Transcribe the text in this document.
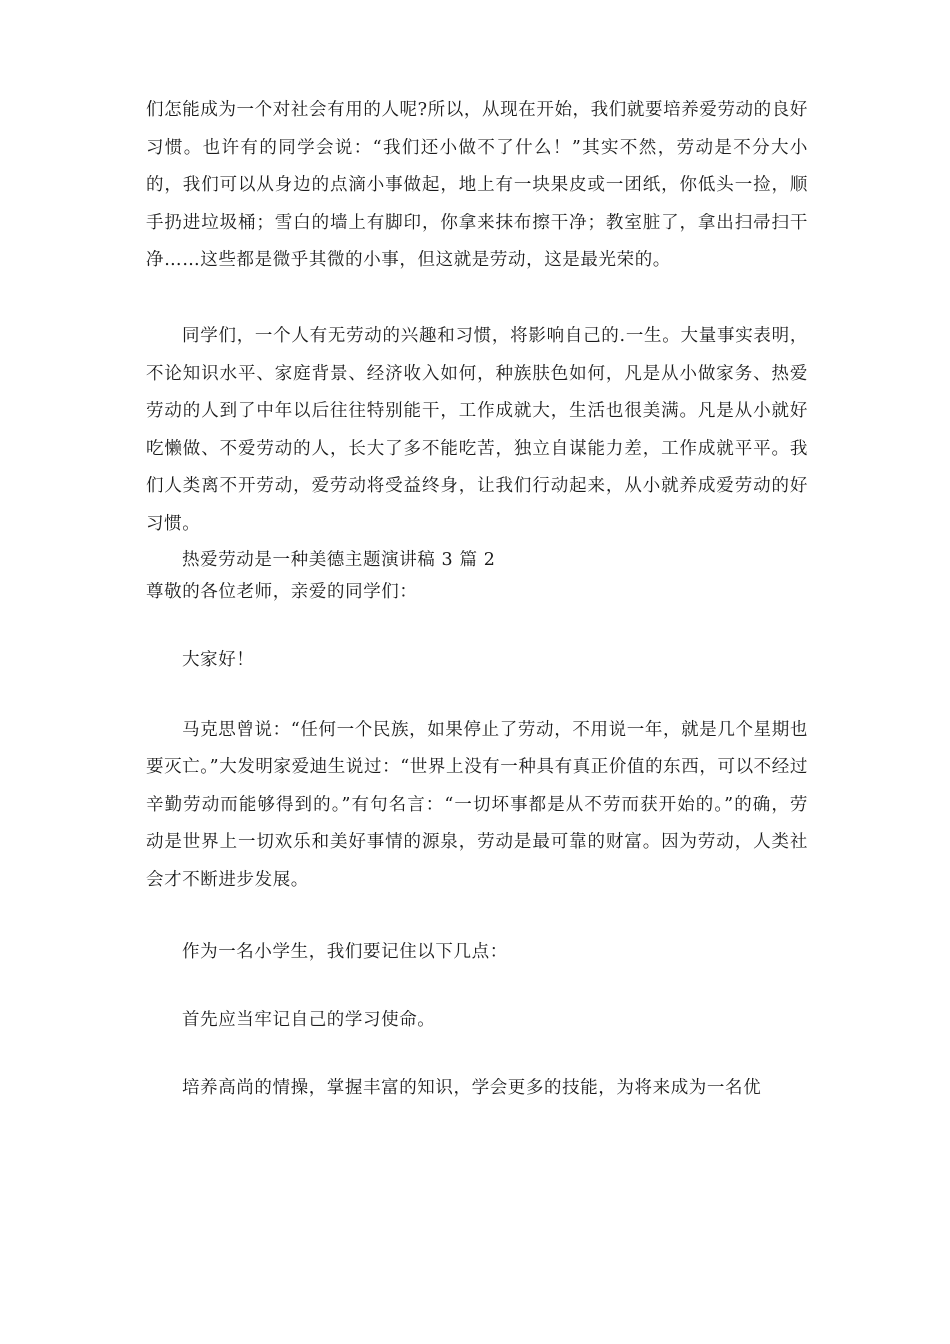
们怎能成为一个对社会有用的人呢?所以，从现在开始，我们就要培养爱劳动的良好习惯。也许有的同学会说：“我们还小做不了什么！”其实不然，劳动是不分大小的，我们可以从身边的点滴小事做起，地上有一块果皮或一团纸，你低头一捡，顺手扔进垃圾桶；雪白的墙上有脚印，你拿来抹布擦干净；教室脏了，拿出扫帚扫干净……这些都是微乎其微的小事，但这就是劳动，这是最光荣的。

同学们，一个人有无劳动的兴趣和习惯，将影响自己的.一生。大量事实表明，不论知识水平、家庭背景、经济收入如何，种族肤色如何，凡是从小做家务、热爱劳动的人到了中年以后往往特别能干，工作成就大，生活也很美满。凡是从小就好吃懒做、不爱劳动的人，长大了多不能吃苦，独立自谋能力差，工作成就平平。我们人类离不开劳动，爱劳动将受益终身，让我们行动起来，从小就养成爱劳动的好习惯。

热爱劳动是一种美德主题演讲稿 3 篇 2

尊敬的各位老师，亲爱的同学们：

大家好！

马克思曾说：“任何一个民族，如果停止了劳动，不用说一年，就是几个星期也要灭亡。”大发明家爱迪生说过：“世界上没有一种具有真正价值的东西，可以不经过辛勤劳动而能够得到的。”有句名言：“一切坏事都是从不劳而获开始的。”的确，劳动是世界上一切欢乐和美好事情的源泉，劳动是最可靠的财富。因为劳动，人类社会才不断进步发展。

作为一名小学生，我们要记住以下几点：

首先应当牢记自己的学习使命。

培养高尚的情操，掌握丰富的知识，学会更多的技能，为将来成为一名优
